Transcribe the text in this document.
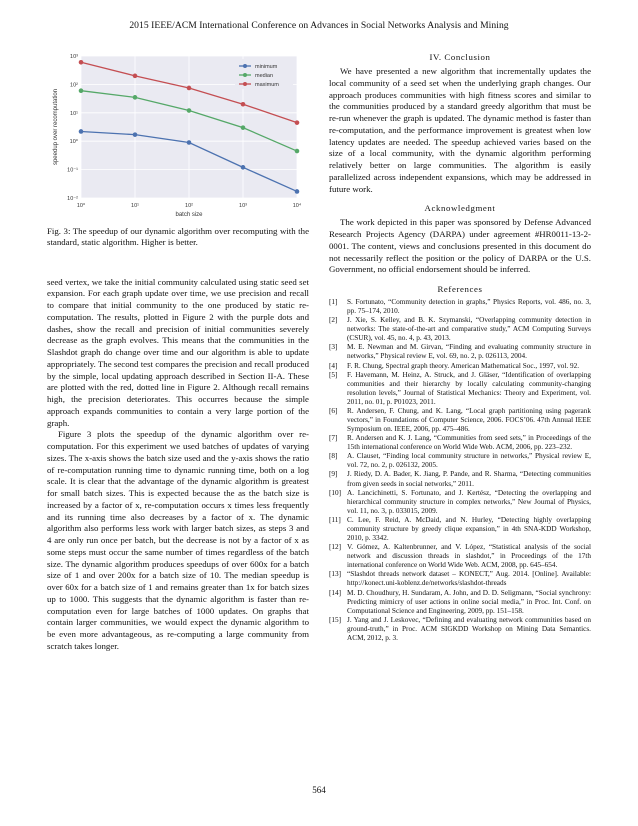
2015 IEEE/ACM International Conference on Advances in Social Networks Analysis and Mining
10⁰	10¹	10²	10³	10⁴
10⁻²
10⁻¹
10⁰
10¹
10²
10³
batch size
speedup over recomputation
minimum
median
maximum

Fig. 3: The speedup of our dynamic algorithm over recomputing with the standard, static algorithm. Higher is better.

seed vertex, we take the initial community calculated using static seed set expansion. For each graph update over time, we use precision and recall to compare that initial community to the one produced by static re-computation. The results, plotted in Figure 2 with the purple dots and dashes, show the recall and precision of initial communities severely decrease as the graph evolves. This means that the communities in the Slashdot graph do change over time and our algorithm is able to update appropriately. The second test compares the precision and recall produced by the simple, local updating approach described in Section II-A. These are plotted with the red, dotted line in Figure 2. Although recall remains high, the precision deteriorates. This occurres because the simple approach expands communities to contain a very large portion of the graph.

Figure 3 plots the speedup of the dynamic algorithm over re-computation. For this experiment we used batches of updates of varying sizes. The x-axis shows the batch size used and the y-axis shows the ratio of re-computation running time to dynamic running time, both on a log scale. It is clear that the advantage of the dynamic algorithm is greatest for small batch sizes. This is expected because the as the batch size is increased by a factor of x, re-computation occurs x times less frequently and its running time also decreases by a factor of x. The dynamic algorithm also performs less work with larger batch sizes, as steps 3 and 4 are only run once per batch, but the decrease is not by a factor of x as some steps must occur the same number of times regardless of the batch size. The dynamic algorithm produces speedups of over 600x for a batch size of 1 and over 200x for a batch size of 10. The median speedup is over 60x for a batch size of 1 and remains greater than 1x for batch sizes up to 1000. This suggests that the dynamic algorithm is faster than re-computation even for large batches of 1000 updates. On graphs that contain larger communities, we would expect the dynamic algorithm to be even more advantageous, as re-computing a large community from scratch takes longer.

IV. Conclusion

We have presented a new algorithm that incrementally updates the local community of a seed set when the underlying graph changes. Our approach produces communities with high fitness scores and similar to the communities produced by a standard greedy algorithm that must be re-run whenever the graph is updated. The dynamic method is faster than re-computation, and the performance improvement is greatest when low latency updates are needed. The speedup achieved varies based on the size of a local community, with the dynamic algorithm performing relatively better on large communities. The algorithm is easily parallelized across independent expansions, which may be addressed in future work.

Acknowledgment

The work depicted in this paper was sponsored by Defense Advanced Research Projects Agency (DARPA) under agreement #HR0011-13-2-0001. The content, views and conclusions presented in this document do not necessarily reflect the position or the policy of DARPA or the U.S. Government, no official endorsement should be inferred.

References
[1] S. Fortunato, “Community detection in graphs,” Physics Reports, vol. 486, no. 3, pp. 75–174, 2010.
[2] J. Xie, S. Kelley, and B. K. Szymanski, “Overlapping community detection in networks: The state-of-the-art and comparative study,” ACM Computing Surveys (CSUR), vol. 45, no. 4, p. 43, 2013.
[3] M. E. Newman and M. Girvan, “Finding and evaluating community structure in networks,” Physical review E, vol. 69, no. 2, p. 026113, 2004.
[4] F. R. Chung, Spectral graph theory. American Mathematical Soc., 1997, vol. 92.
[5] F. Havemann, M. Heinz, A. Struck, and J. Gläser, “Identification of overlapping communities and their hierarchy by locally calculating community-changing resolution levels,” Journal of Statistical Mechanics: Theory and Experiment, vol. 2011, no. 01, p. P01023, 2011.
[6] R. Andersen, F. Chung, and K. Lang, “Local graph partitioning using pagerank vectors,” in Foundations of Computer Science, 2006. FOCS’06. 47th Annual IEEE Symposium on. IEEE, 2006, pp. 475–486.
[7] R. Andersen and K. J. Lang, “Communities from seed sets,” in Proceedings of the 15th international conference on World Wide Web. ACM, 2006, pp. 223–232.
[8] A. Clauset, “Finding local community structure in networks,” Physical review E, vol. 72, no. 2, p. 026132, 2005.
[9] J. Riedy, D. A. Bader, K. Jiang, P. Pande, and R. Sharma, “Detecting communities from given seeds in social networks,” 2011.
[10] A. Lancichinetti, S. Fortunato, and J. Kertész, “Detecting the overlapping and hierarchical community structure in complex networks,” New Journal of Physics, vol. 11, no. 3, p. 033015, 2009.
[11] C. Lee, F. Reid, A. McDaid, and N. Hurley, “Detecting highly overlapping community structure by greedy clique expansion,” in 4th SNA-KDD Workshop, 2010, p. 3342.
[12] V. Gómez, A. Kaltenbrunner, and V. López, “Statistical analysis of the social network and discussion threads in slashdot,” in Proceedings of the 17th international conference on World Wide Web. ACM, 2008, pp. 645–654.
[13] “Slashdot threads network dataset – KONECT,” Aug. 2014. [Online]. Available: http://konect.uni-koblenz.de/networks/slashdot-threads
[14] M. D. Choudhury, H. Sundaram, A. John, and D. D. Seligmann, “Social synchrony: Predicting mimicry of user actions in online social media,” in Proc. Int. Conf. on Computational Science and Engineering, 2009, pp. 151–158.
[15] J. Yang and J. Leskovec, “Defining and evaluating network communities based on ground-truth,” in Proc. ACM SIGKDD Workshop on Mining Data Semantics. ACM, 2012, p. 3.
564
